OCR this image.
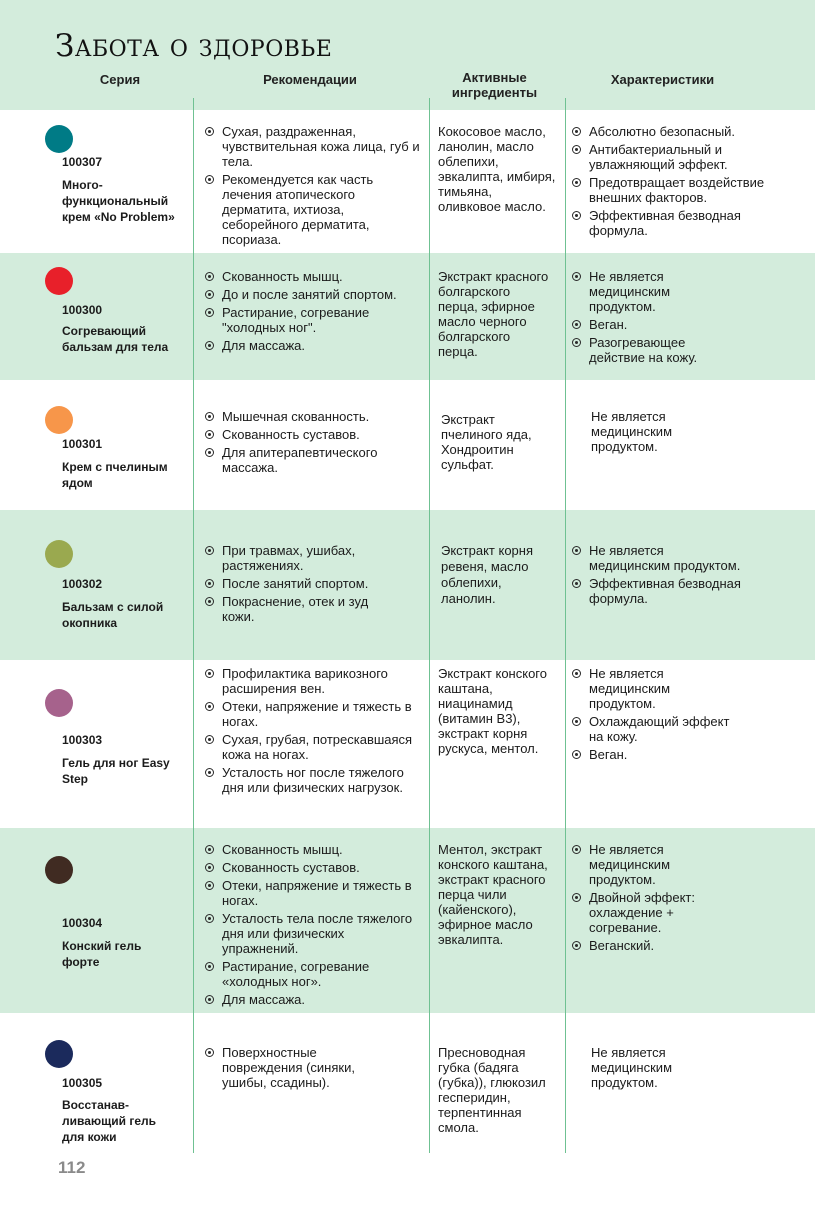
Забота о здоровье
Серия	Рекомендации	Активные
ингредиенты
Характеристики
100307
Много-функциональный крем «No Problem»
Сухая, раздраженная, чувствительная кожа лица, губ и тела.
Рекомендуется как часть лечения атопического дерматита, ихтиоза, себорейного дерматита, псориаза.
Кокосовое масло, ланолин, масло облепихи, эвкалипта, имбиря, тимьяна, оливковое масло.
Абсолютно безопасный.
Антибактериальный и увлажняющий эффект.
Предотвращает воздействие внешних факторов.
Эффективная безводная формула.
100300
Согревающий бальзам для тела
Скованность мышц.
До и после занятий спортом.
Растирание, согревание "холодных ног".
Для массажа.
Экстракт красного болгарского перца, эфирное масло черного болгарского перца.
Не является медицинским продуктом.
Веган.
Разогревающее действие на кожу.
100301
Крем с пчелиным ядом
Мышечная скованность.
Скованность суставов.
Для апитерапевтического массажа.
Экстракт пчелиного яда, Хондроитин сульфат.
Не является медицинским продуктом.
100302
Бальзам с силой окопника
При травмах, ушибах, растяжениях.
После занятий спортом.
Покраснение, отек и зуд кожи.
Экстракт корня ревеня, масло облепихи, ланолин.
Не является медицинским продуктом.
Эффективная безводная формула.
100303
Гель для ног Easy Step
Профилактика варикозного расширения вен.
Отеки, напряжение и тяжесть в ногах.
Сухая, грубая, потрескавшаяся кожа на ногах.
Усталость ног после тяжелого дня или физических нагрузок.
Экстракт конского каштана, ниацинамид (витамин B3), экстракт корня рускуса, ментол.
Не является медицинским продуктом.
Охлаждающий эффект на кожу.
Веган.
100304
Конский гель форте
Скованность мышц.
Скованность суставов.
Отеки, напряжение и тяжесть в ногах.
Усталость тела после тяжелого дня или физических упражнений.
Растирание, согревание «холодных ног».
Для массажа.
Ментол, экстракт конского каштана, экстракт красного перца чили (кайенского), эфирное масло эвкалипта.
Не является медицинским продуктом.
Двойной эффект: охлаждение + согревание.
Веганский.
100305
Восстанав-ливающий гель для кожи
Поверхностные повреждения (синяки, ушибы, ссадины).
Пресноводная губка (бадяга (губка)), глюкозил гесперидин, терпентинная смола.
Не является медицинским продуктом.
112
